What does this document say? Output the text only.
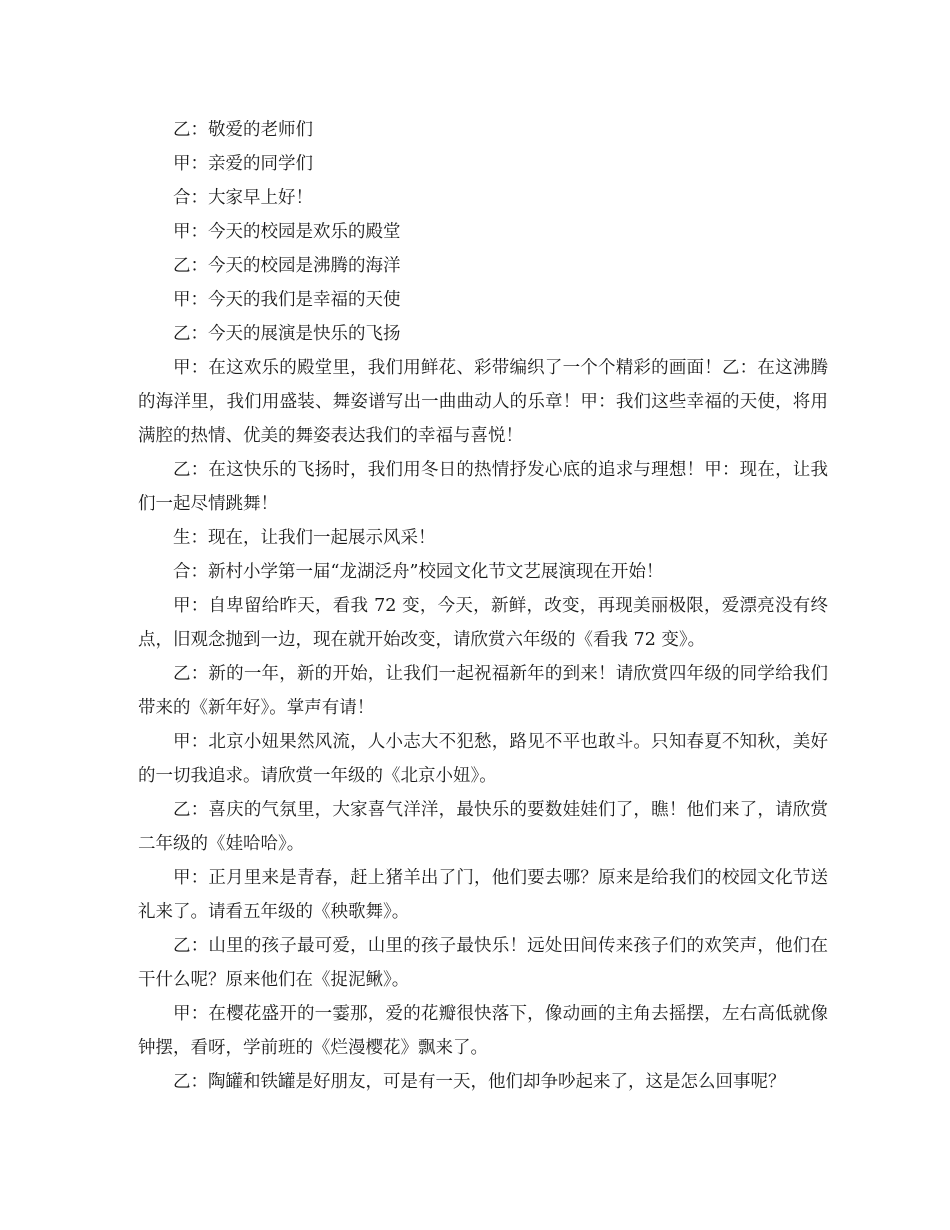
乙：敬爱的老师们

甲：亲爱的同学们

合：大家早上好！

甲：今天的校园是欢乐的殿堂

乙：今天的校园是沸腾的海洋

甲：今天的我们是幸福的天使

乙：今天的展演是快乐的飞扬

甲：在这欢乐的殿堂里，我们用鲜花、彩带编织了一个个精彩的画面！乙：在这沸腾的海洋里，我们用盛装、舞姿谱写出一曲曲动人的乐章！甲：我们这些幸福的天使，将用满腔的热情、优美的舞姿表达我们的幸福与喜悦！

乙：在这快乐的飞扬时，我们用冬日的热情抒发心底的追求与理想！甲：现在，让我们一起尽情跳舞！

生：现在，让我们一起展示风采！

合：新村小学第一届“龙湖泛舟”校园文化节文艺展演现在开始！

甲：自卑留给昨天，看我 72 变，今天，新鲜，改变，再现美丽极限，爱漂亮没有终点，旧观念抛到一边，现在就开始改变，请欣赏六年级的《看我 72 变》。

乙：新的一年，新的开始，让我们一起祝福新年的到来！请欣赏四年级的同学给我们带来的《新年好》。掌声有请！

甲：北京小妞果然风流，人小志大不犯愁，路见不平也敢斗。只知春夏不知秋，美好的一切我追求。请欣赏一年级的《北京小妞》。

乙：喜庆的气氛里，大家喜气洋洋，最快乐的要数娃娃们了，瞧！他们来了，请欣赏二年级的《娃哈哈》。

甲：正月里来是青春，赶上猪羊出了门，他们要去哪？原来是给我们的校园文化节送礼来了。请看五年级的《秧歌舞》。

乙：山里的孩子最可爱，山里的孩子最快乐！远处田间传来孩子们的欢笑声，他们在干什么呢？原来他们在《捉泥鳅》。

甲：在樱花盛开的一霎那，爱的花瓣很快落下，像动画的主角去摇摆，左右高低就像钟摆，看呀，学前班的《烂漫樱花》飘来了。

乙：陶罐和铁罐是好朋友，可是有一天，他们却争吵起来了，这是怎么回事呢？
